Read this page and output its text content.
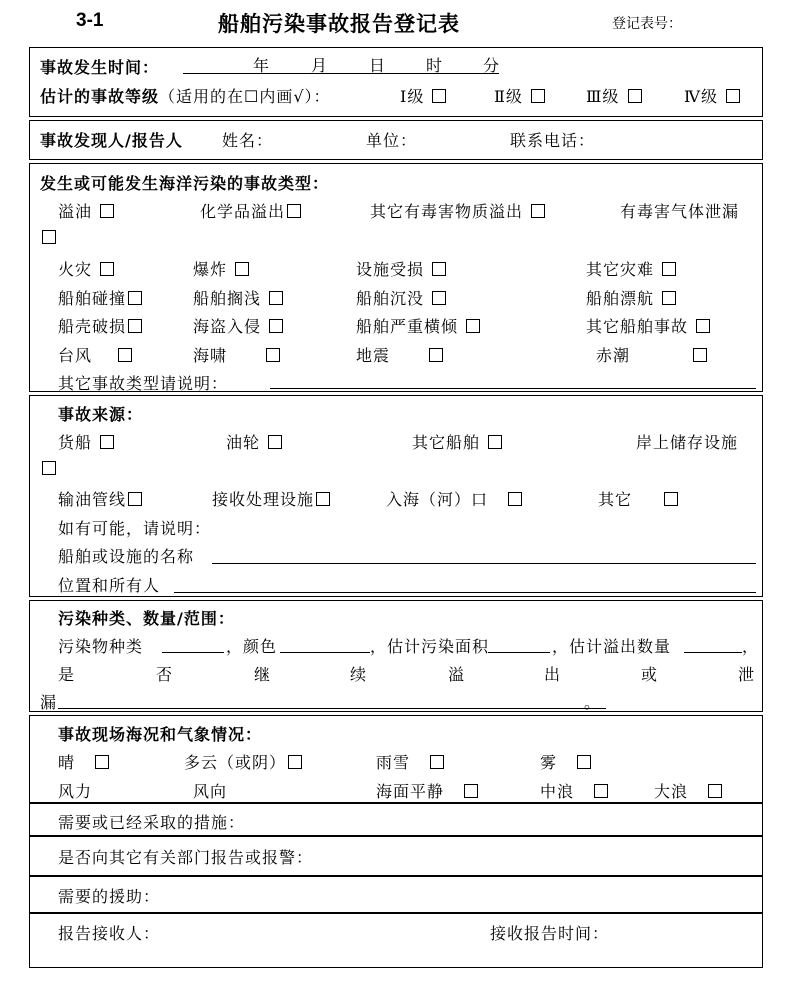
3-1	船舶污染事故报告登记表	登记表号：
事故发生时间：	年	月	日 时 分
估计的事故等级（适用的在☐内画√）：	Ⅰ级	Ⅱ级	Ⅲ级	Ⅳ级
事故发现人/报告人 姓名：	单位：	联系电话：
发生或可能发生海洋污染的事故类型：
溢油	化学品溢出	其它有毒害物质溢出	有毒害气体泄漏
火灾	爆炸	设施受损	其它灾难
船舶碰撞	船舶搁浅	船舶沉没	船舶漂航
船壳破损	海盗入侵	船舶严重横倾	其它船舶事故
台风	海啸	地震	赤潮
其它事故类型请说明：
事故来源：
货船	油轮	其它船舶	岸上储存设施
输油管线	接收处理设施	入海（河）口	其它
如有可能，请说明：
船舶或设施的名称
位置和所有人
污染种类、数量/范围：
污染物种类	，颜色	，估计污染面积	，估计溢出数量	，
是	否	继	续	溢	出	或	泄
漏	。
事故现场海况和气象情况：
晴	多云（或阴）	雨雪	雾
风力	风向	海面平静	中浪	大浪
需要或已经采取的措施：
是否向其它有关部门报告或报警：
需要的援助：
报告接收人：	接收报告时间：
